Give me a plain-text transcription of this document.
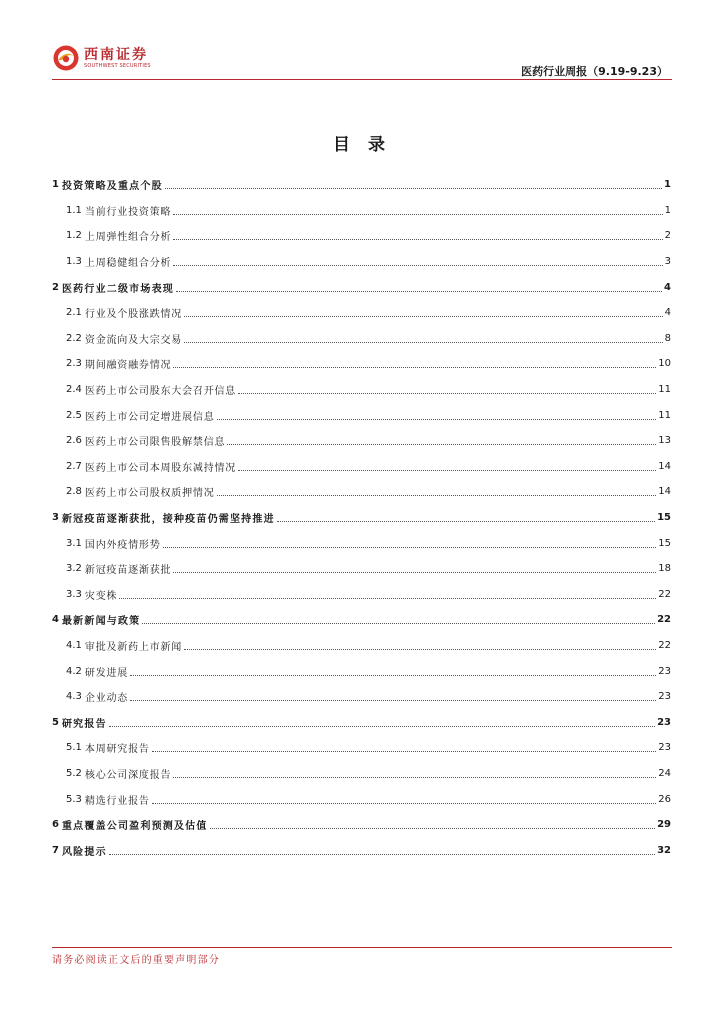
西南证券
SOUTHWEST SECURITIES	医药行业周报（9.19-9.23）
目 录
1 投资策略及重点个股	1
1.1 当前行业投资策略	1
1.2 上周弹性组合分析	2
1.3 上周稳健组合分析	3
2 医药行业二级市场表现	4
2.1 行业及个股涨跌情况	4
2.2 资金流向及大宗交易	8
2.3 期间融资融券情况	10
2.4 医药上市公司股东大会召开信息	11
2.5 医药上市公司定增进展信息	11
2.6 医药上市公司限售股解禁信息	13
2.7 医药上市公司本周股东减持情况	14
2.8 医药上市公司股权质押情况	14
3 新冠疫苗逐渐获批，接种疫苗仍需坚持推进	15
3.1 国内外疫情形势	15
3.2 新冠疫苗逐渐获批	18
3.3 灾变株	22
4 最新新闻与政策	22
4.1 审批及新药上市新闻	22
4.2 研发进展	23
4.3 企业动态	23
5 研究报告	23
5.1 本周研究报告	23
5.2 核心公司深度报告	24
5.3 精选行业报告	26
6 重点覆盖公司盈利预测及估值	29
7 风险提示	32
请务必阅读正文后的重要声明部分
